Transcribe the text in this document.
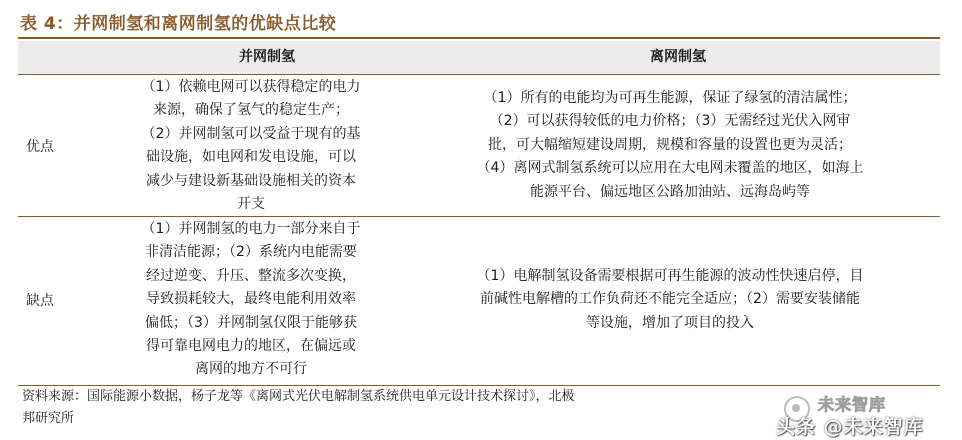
表 4：并网制氢和离网制氢的优缺点比较
并网制氢	离网制氢
优点
（1）依赖电网可以获得稳定的电力
来源，确保了氢气的稳定生产；
（2）并网制氢可以受益于现有的基
础设施，如电网和发电设施，可以
减少与建设新基础设施相关的资本
开支
（1）所有的电能均为可再生能源，保证了绿氢的清洁属性；
（2）可以获得较低的电力价格；（3）无需经过光伏入网审
批，可大幅缩短建设周期，规模和容量的设置也更为灵活；
（4）离网式制氢系统可以应用在大电网未覆盖的地区，如海上
能源平台、偏远地区公路加油站、远海岛屿等
缺点
（1）并网制氢的电力一部分来自于
非清洁能源；（2）系统内电能需要
经过逆变、升压、整流多次变换，
导致损耗较大，最终电能利用效率
偏低；（3）并网制氢仅限于能够获
得可靠电网电力的地区，在偏远或
离网的地方不可行
（1）电解制氢设备需要根据可再生能源的波动性快速启停，目
前碱性电解槽的工作负荷还不能完全适应；（2）需要安装储能
等设施，增加了项目的投入
资料来源：国际能源小数据，杨子龙等《离网式光伏电解制氢系统供电单元设计技术探讨》，北极
邦研究所
未来智库
头条 @未来智库
